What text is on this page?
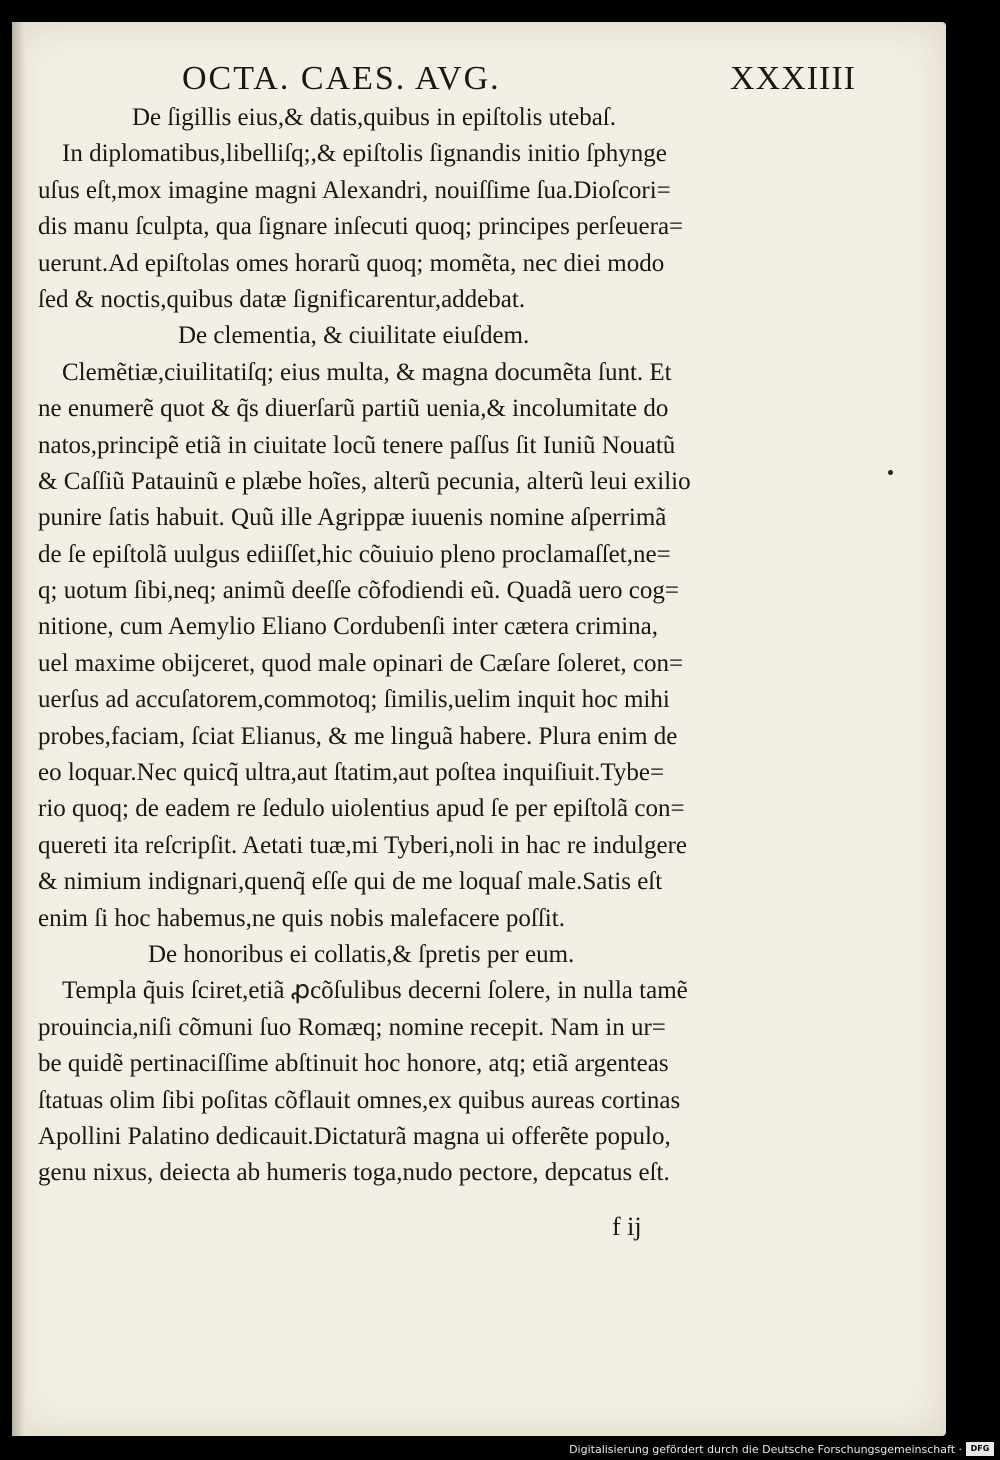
OCTA. CAES. AVG.	XXXIIII
De ſigillis eius,& datis,quibus in epiſtolis utebaſ.
In diplomatibus,libelliſq;,& epiſtolis ſignandis initio ſphynge
uſus eſt,mox imagine magni Alexandri, nouiſſime ſua.Dioſcori=
dis manu ſculpta, qua ſignare inſecuti quoq; principes perſeuera=
uerunt.Ad epiſtolas omes horarũ quoq; momẽta, nec diei modo
ſed & noctis,quibus datæ ſignificarentur,addebat.
De clementia, & ciuilitate eiuſdem.
Clemẽtiæ,ciuilitatiſq; eius multa, & magna documẽta ſunt. Et
ne enumerẽ quot & q̃s diuerſarũ partiũ uenia,& incolumitate do
natos,principẽ etiã in ciuitate locũ tenere paſſus ſit Iuniũ Nouatũ
& Caſſiũ Patauinũ e plæbe hoĩes, alterũ pecunia, alterũ leui exilio
punire ſatis habuit. Quũ ille Agrippæ iuuenis nomine aſperrimã
de ſe epiſtolã uulgus ediiſſet,hic cõuiuio pleno proclamaſſet,ne=
q; uotum ſibi,neq; animũ deeſſe cõfodiendi eũ. Quadã uero cog=
nitione, cum Aemylio Eliano Cordubenſi inter cætera crimina,
uel maxime obijceret, quod male opinari de Cæſare ſoleret, con=
uerſus ad accuſatorem,commotoq; ſimilis,uelim inquit hoc mihi
probes,faciam, ſciat Elianus, & me linguã habere. Plura enim de
eo loquar.Nec quicq̃ ultra,aut ſtatim,aut poſtea inquiſiuit.Tybe=
rio quoq; de eadem re ſedulo uiolentius apud ſe per epiſtolã con=
quereti ita reſcripſit. Aetati tuæ,mi Tyberi,noli in hac re indulgere
& nimium indignari,quenq̃ eſſe qui de me loquaſ male.Satis eſt
enim ſi hoc habemus,ne quis nobis malefacere poſſit.
De honoribus ei collatis,& ſpretis per eum.
Templa q̃uis ſciret,etiã ꝓcõſulibus decerni ſolere, in nulla tamẽ
prouincia,niſi cõmuni ſuo Romæq; nomine recepit. Nam in ur=
be quidẽ pertinaciſſime abſtinuit hoc honore, atq; etiã argenteas
ſtatuas olim ſibi poſitas cõflauit omnes,ex quibus aureas cortinas
Apollini Palatino dedicauit.Dictaturã magna ui offerẽte populo,
genu nixus, deiecta ab humeris toga,nudo pectore, depcatus eſt.
f ij
Digitalisierung gefördert durch die Deutsche Forschungsgemeinschaft ·	DFG
